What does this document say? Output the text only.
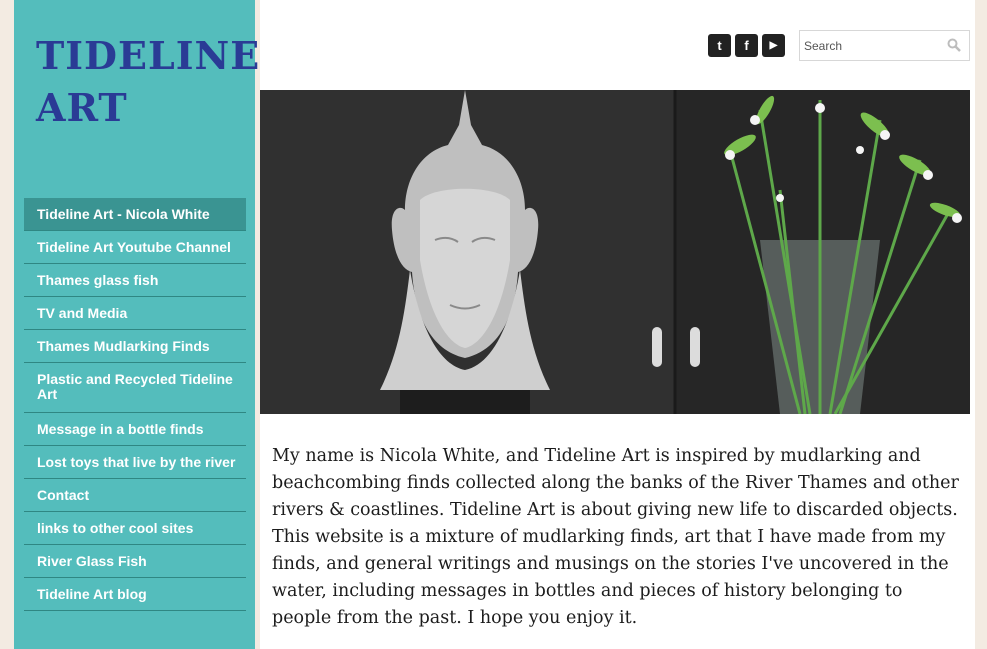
TIDELINE
ART
Tideline Art - Nicola White
Tideline Art Youtube Channel
Thames glass fish
TV and Media
Thames Mudlarking Finds
Plastic and Recycled Tideline Art
Message in a bottle finds
Lost toys that live by the river
Contact
links to other cool sites
River Glass Fish
Tideline Art blog
t	f	▶
Search

My name is Nicola White, and Tideline Art is inspired by mudlarking and beachcombing finds collected along the banks of the River Thames and other rivers & coastlines. Tideline Art is about giving new life to discarded objects. This website is a mixture of mudlarking finds, art that I have made from my finds, and general writings and musings on the stories I've uncovered in the water, including messages in bottles and pieces of history belonging to people from the past. I hope you enjoy it.
